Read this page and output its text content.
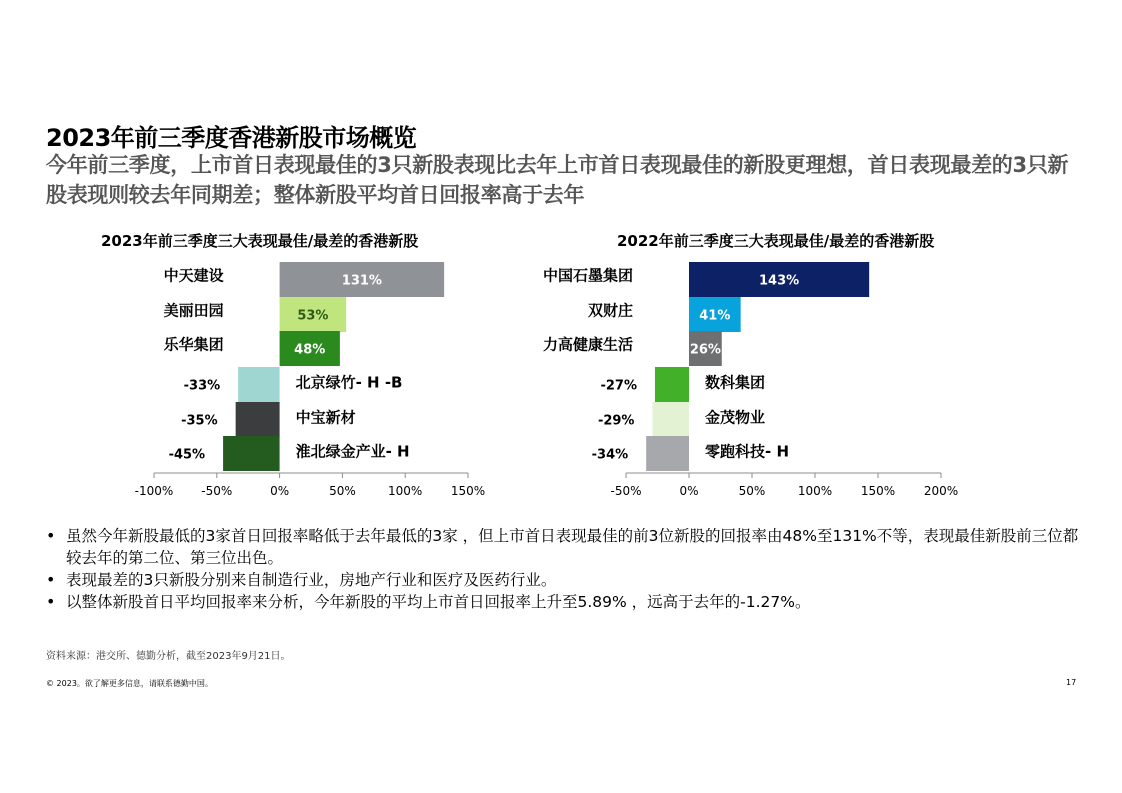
2023年前三季度香港新股市场概览
今年前三季度，上市首日表现最佳的3只新股表现比去年上市首日表现最佳的新股更理想，首日表现最差的3只新股表现则较去年同期差；整体新股平均首日回报率高于去年
2023年前三季度三大表现最佳/最差的香港新股
131%
中天建设
53%
美丽田园
48%
乐华集团
-33%	北京绿竹- H -B
-35%	中宝新材
-45%	淮北绿金产业- H
-100% -50%	0%	50%	100% 150%
2022年前三季度三大表现最佳/最差的香港新股
143%
中国石墨集团
41%
双财庄
26%
力高健康生活
-27%	数科集团
-29%	金茂物业
-34%	零跑科技- H
-50%	0%	50%	100% 150% 200%
• 虽然今年新股最低的3家首日回报率略低于去年最低的3家 ，但上市首日表现最佳的前3位新股的回报率由48%至131%不等，表现最佳新股前三位都较去年的第二位、第三位出色。
• 表现最差的3只新股分别来自制造行业，房地产行业和医疗及医药行业。
• 以整体新股首日平均回报率来分析，今年新股的平均上市首日回报率上升至5.89% ，远高于去年的-1.27%。
资料来源：港交所、德勤分析，截至2023年9月21日。
© 2023。欲了解更多信息，请联系德勤中国。	17
